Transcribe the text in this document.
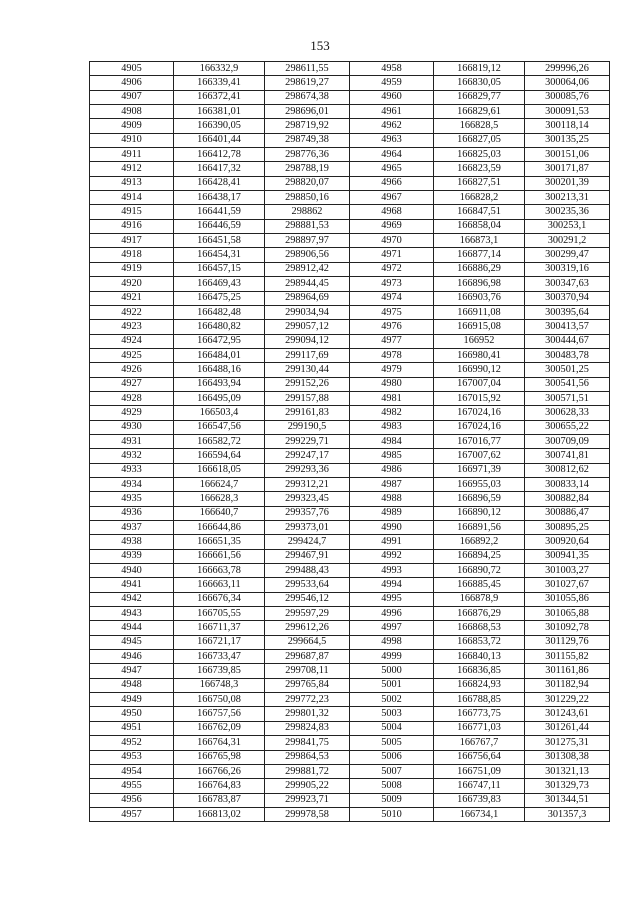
153
4905	166332,9	298611,55	4958	166819,12	299996,26
4906	166339,41	298619,27	4959	166830,05	300064,06
4907	166372,41	298674,38	4960	166829,77	300085,76
4908	166381,01	298696,01	4961	166829,61	300091,53
4909	166390,05	298719,92	4962	166828,5	300118,14
4910	166401,44	298749,38	4963	166827,05	300135,25
4911	166412,78	298776,36	4964	166825,03	300151,06
4912	166417,32	298788,19	4965	166823,59	300171,87
4913	166428,41	298820,07	4966	166827,51	300201,39
4914	166438,17	298850,16	4967	166828,2	300213,31
4915	166441,59	298862	4968	166847,51	300235,36
4916	166446,59	298881,53	4969	166858,04	300253,1
4917	166451,58	298897,97	4970	166873,1	300291,2
4918	166454,31	298906,56	4971	166877,14	300299,47
4919	166457,15	298912,42	4972	166886,29	300319,16
4920	166469,43	298944,45	4973	166896,98	300347,63
4921	166475,25	298964,69	4974	166903,76	300370,94
4922	166482,48	299034,94	4975	166911,08	300395,64
4923	166480,82	299057,12	4976	166915,08	300413,57
4924	166472,95	299094,12	4977	166952	300444,67
4925	166484,01	299117,69	4978	166980,41	300483,78
4926	166488,16	299130,44	4979	166990,12	300501,25
4927	166493,94	299152,26	4980	167007,04	300541,56
4928	166495,09	299157,88	4981	167015,92	300571,51
4929	166503,4	299161,83	4982	167024,16	300628,33
4930	166547,56	299190,5	4983	167024,16	300655,22
4931	166582,72	299229,71	4984	167016,77	300709,09
4932	166594,64	299247,17	4985	167007,62	300741,81
4933	166618,05	299293,36	4986	166971,39	300812,62
4934	166624,7	299312,21	4987	166955,03	300833,14
4935	166628,3	299323,45	4988	166896,59	300882,84
4936	166640,7	299357,76	4989	166890,12	300886,47
4937	166644,86	299373,01	4990	166891,56	300895,25
4938	166651,35	299424,7	4991	166892,2	300920,64
4939	166661,56	299467,91	4992	166894,25	300941,35
4940	166663,78	299488,43	4993	166890,72	301003,27
4941	166663,11	299533,64	4994	166885,45	301027,67
4942	166676,34	299546,12	4995	166878,9	301055,86
4943	166705,55	299597,29	4996	166876,29	301065,88
4944	166711,37	299612,26	4997	166868,53	301092,78
4945	166721,17	299664,5	4998	166853,72	301129,76
4946	166733,47	299687,87	4999	166840,13	301155,82
4947	166739,85	299708,11	5000	166836,85	301161,86
4948	166748,3	299765,84	5001	166824,93	301182,94
4949	166750,08	299772,23	5002	166788,85	301229,22
4950	166757,56	299801,32	5003	166773,75	301243,61
4951	166762,09	299824,83	5004	166771,03	301261,44
4952	166764,31	299841,75	5005	166767,7	301275,31
4953	166765,98	299864,53	5006	166756,64	301308,38
4954	166766,26	299881,72	5007	166751,09	301321,13
4955	166764,83	299905,22	5008	166747,11	301329,73
4956	166783,87	299923,71	5009	166739,83	301344,51
4957	166813,02	299978,58	5010	166734,1	301357,3
